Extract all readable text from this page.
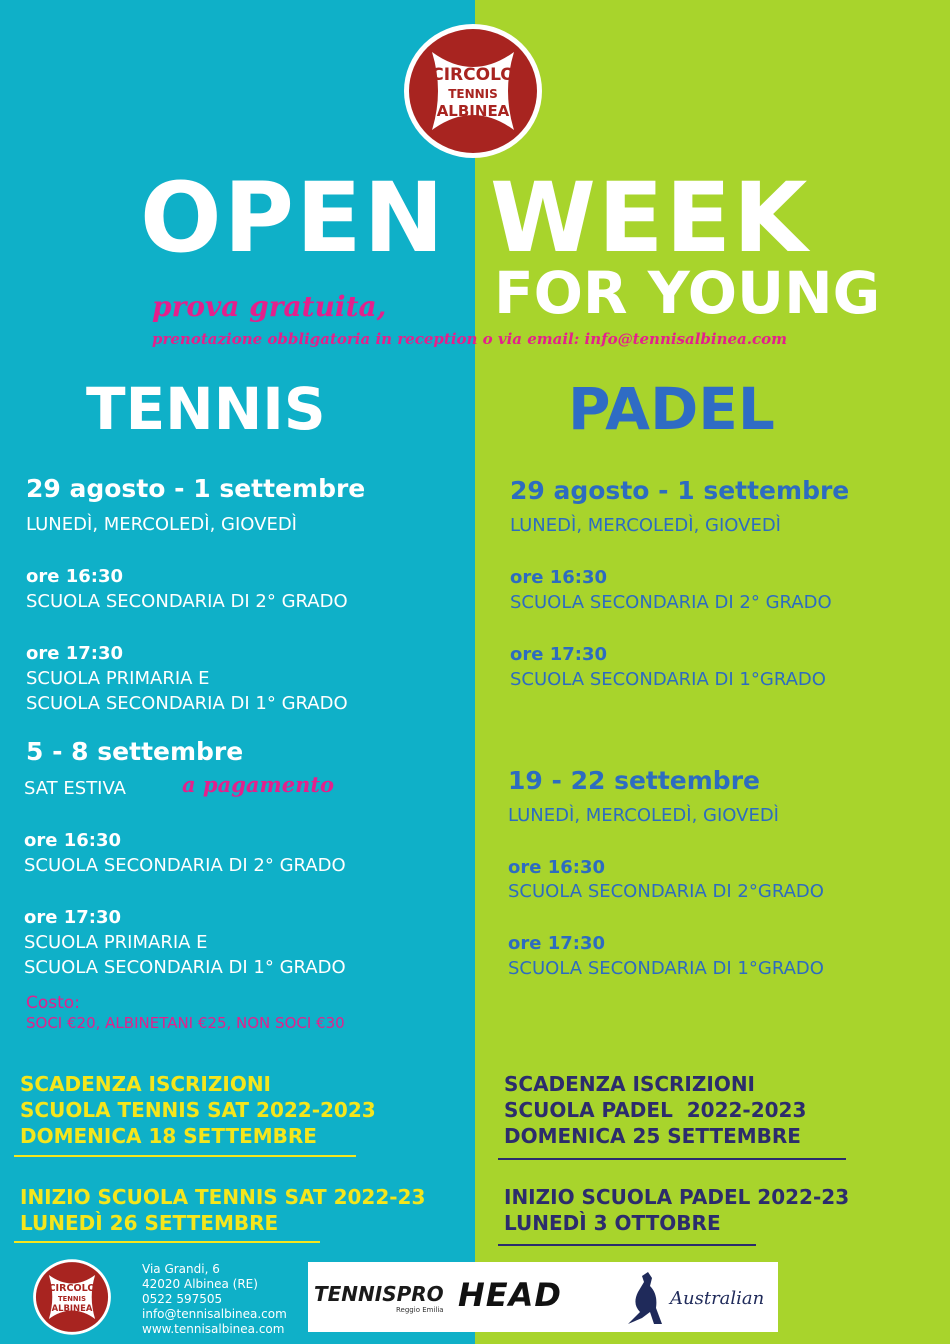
CIRCOLO
TENNIS
ALBINEA
OPEN WEEK
FOR YOUNG
prova gratuita,
prenotazione obbligatoria in reception o via email: info@tennisalbinea.com
TENNIS	PADEL
29 agosto - 1 settembre
LUNEDÌ, MERCOLEDÌ, GIOVEDÌ
ore 16:30
SCUOLA SECONDARIA DI 2° GRADO
ore 17:30
SCUOLA PRIMARIA E
SCUOLA SECONDARIA DI 1° GRADO
5 - 8 settembre
SAT ESTIVA	a pagamento
ore 16:30
SCUOLA SECONDARIA DI 2° GRADO
ore 17:30
SCUOLA PRIMARIA E
SCUOLA SECONDARIA DI 1° GRADO
Costo:
SOCI €20, ALBINETANI €25, NON SOCI €30
29 agosto - 1 settembre
LUNEDÌ, MERCOLEDÌ, GIOVEDÌ
ore 16:30
SCUOLA SECONDARIA DI 2° GRADO
ore 17:30
SCUOLA SECONDARIA DI 1°GRADO
19 - 22 settembre
LUNEDÌ, MERCOLEDÌ, GIOVEDÌ
ore 16:30
SCUOLA SECONDARIA DI 2°GRADO
ore 17:30
SCUOLA SECONDARIA DI 1°GRADO
SCADENZA ISCRIZIONI
SCUOLA TENNIS SAT 2022-2023
DOMENICA 18 SETTEMBRE
INIZIO SCUOLA TENNIS SAT 2022-23
LUNEDÌ 26 SETTEMBRE
SCADENZA ISCRIZIONI
SCUOLA PADEL  2022-2023
DOMENICA 25 SETTEMBRE
INIZIO SCUOLA PADEL 2022-23
LUNEDÌ 3 OTTOBRE
CIRCOLO
TENNIS
ALBINEA
Via Grandi, 6
42020 Albinea (RE)
0522 597505
info@tennisalbinea.com
www.tennisalbinea.com
TENNISPRO
Reggio Emilia HEAD	Australian
